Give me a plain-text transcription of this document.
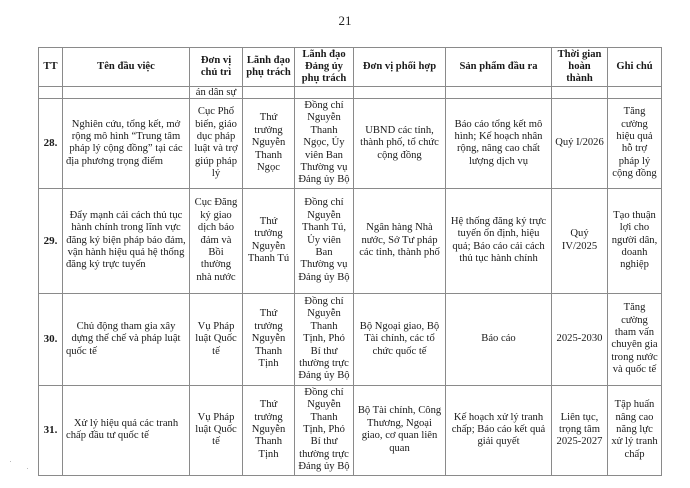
21
TT	Tên đầu việc	Đơn vị chủ trì	Lãnh đạo phụ trách	Lãnh đạo Đảng ủy phụ trách	Đơn vị phối hợp	Sản phẩm đầu ra	Thời gian hoàn thành	Ghi chú
		án dân sự						
28.	Nghiên cứu, tổng kết, mở rộng mô hình “Trung tâm pháp lý cộng đồng” tại các địa phương trọng điểm	Cục Phổ biến, giáo dục pháp luật và trợ giúp pháp lý	Thứ trưởng Nguyễn Thanh Ngọc	Đồng chí Nguyễn Thanh Ngọc, Ủy viên Ban Thường vụ Đảng ủy Bộ	UBND các tỉnh, thành phố, tổ chức cộng đồng	Báo cáo tổng kết mô hình; Kế hoạch nhân rộng, nâng cao chất lượng dịch vụ	Quý I/2026	Tăng cường hiệu quả hỗ trợ pháp lý cộng đồng
29.	Đẩy mạnh cải cách thủ tục hành chính trong lĩnh vực đăng ký biện pháp bảo đảm, vận hành hiệu quả hệ thống đăng ký trực tuyến	Cục Đăng ký giao dịch bảo đảm và Bồi thường nhà nước	Thứ trưởng Nguyễn Thanh Tú	Đồng chí Nguyễn Thanh Tú, Ủy viên Ban Thường vụ Đảng ủy Bộ	Ngân hàng Nhà nước, Sở Tư pháp các tỉnh, thành phố	Hệ thống đăng ký trực tuyến ổn định, hiệu quả; Báo cáo cải cách thủ tục hành chính	Quý IV/2025	Tạo thuận lợi cho người dân, doanh nghiệp
30.	Chủ động tham gia xây dựng thể chế và pháp luật quốc tế	Vụ Pháp luật Quốc tế	Thứ trưởng Nguyễn Thanh Tịnh	Đồng chí Nguyễn Thanh Tịnh, Phó Bí thư thường trực Đảng ủy Bộ	Bộ Ngoại giao, Bộ Tài chính, các tổ chức quốc tế	Báo cáo	2025-2030	Tăng cường tham vấn chuyên gia trong nước và quốc tế
31.	Xử lý hiệu quả các tranh chấp đầu tư quốc tế	Vụ Pháp luật Quốc tế	Thứ trưởng Nguyễn Thanh Tịnh	Đồng chí Nguyễn Thanh Tịnh, Phó Bí thư thường trực Đảng ủy Bộ	Bộ Tài chính, Công Thương, Ngoại giao, cơ quan liên quan	Kế hoạch xử lý tranh chấp; Báo cáo kết quả giải quyết	Liên tục, trọng tâm 2025-2027	Tập huấn nâng cao năng lực xử lý tranh chấp
